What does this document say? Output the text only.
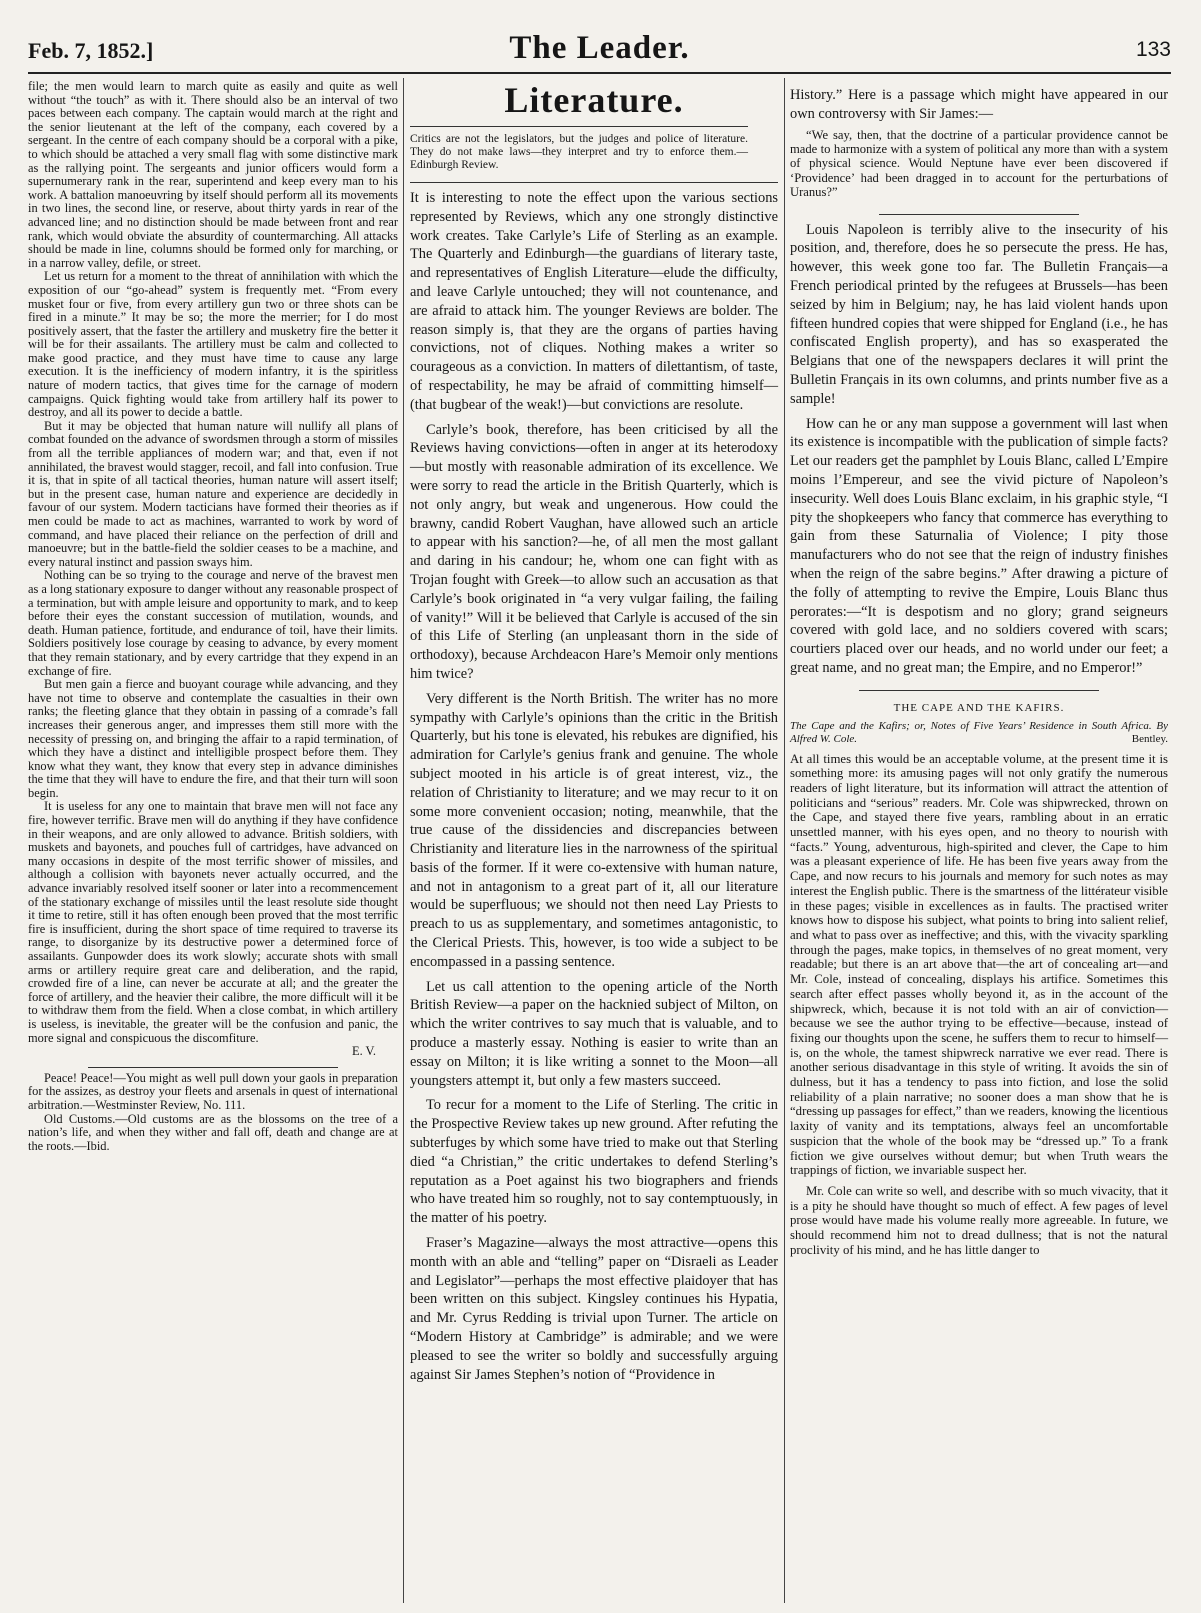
Feb. 7, 1852.]	The Leader.	133

file; the men would learn to march quite as easily and quite as well without “the touch” as with it. There should also be an interval of two paces between each company. The captain would march at the right and the senior lieutenant at the left of the company, each covered by a sergeant. In the centre of each company should be a corporal with a pike, to which should be attached a very small flag with some distinctive mark as the rallying point. The sergeants and junior officers would form a supernumerary rank in the rear, superintend and keep every man to his work. A battalion manoeuvring by itself should perform all its movements in two lines, the second line, or reserve, about thirty yards in rear of the advanced line; and no distinction should be made between front and rear rank, which would obviate the absurdity of countermarching. All attacks should be made in line, columns should be formed only for marching, or in a narrow valley, defile, or street.

Let us return for a moment to the threat of annihilation with which the exposition of our “go-ahead” system is frequently met. “From every musket four or five, from every artillery gun two or three shots can be fired in a minute.” It may be so; the more the merrier; for I do most positively assert, that the faster the artillery and musketry fire the better it will be for their assailants. The artillery must be calm and collected to make good practice, and they must have time to cause any large execution. It is the inefficiency of modern infantry, it is the spiritless nature of modern tactics, that gives time for the carnage of modern campaigns. Quick fighting would take from artillery half its power to destroy, and all its power to decide a battle.

But it may be objected that human nature will nullify all plans of combat founded on the advance of swordsmen through a storm of missiles from all the terrible appliances of modern war; and that, even if not annihilated, the bravest would stagger, recoil, and fall into confusion. True it is, that in spite of all tactical theories, human nature will assert itself; but in the present case, human nature and experience are decidedly in favour of our system. Modern tacticians have formed their theories as if men could be made to act as machines, warranted to work by word of command, and have placed their reliance on the perfection of drill and manoeuvre; but in the battle-field the soldier ceases to be a machine, and every natural instinct and passion sways him.

Nothing can be so trying to the courage and nerve of the bravest men as a long stationary exposure to danger without any reasonable prospect of a termination, but with ample leisure and opportunity to mark, and to keep before their eyes the constant succession of mutilation, wounds, and death. Human patience, fortitude, and endurance of toil, have their limits. Soldiers positively lose courage by ceasing to advance, by every moment that they remain stationary, and by every cartridge that they expend in an exchange of fire.

But men gain a fierce and buoyant courage while advancing, and they have not time to observe and contemplate the casualties in their own ranks; the fleeting glance that they obtain in passing of a comrade’s fall increases their generous anger, and impresses them still more with the necessity of pressing on, and bringing the affair to a rapid termination, of which they have a distinct and intelligible prospect before them. They know what they want, they know that every step in advance diminishes the time that they will have to endure the fire, and that their turn will soon begin.

It is useless for any one to maintain that brave men will not face any fire, however terrific. Brave men will do anything if they have confidence in their weapons, and are only allowed to advance. British soldiers, with muskets and bayonets, and pouches full of cartridges, have advanced on many occasions in despite of the most terrific shower of missiles, and although a collision with bayonets never actually occurred, and the advance invariably resolved itself sooner or later into a recommencement of the stationary exchange of missiles until the least resolute side thought it time to retire, still it has often enough been proved that the most terrific fire is insufficient, during the short space of time required to traverse its range, to disorganize by its destructive power a determined force of assailants. Gunpowder does its work slowly; accurate shots with small arms or artillery require great care and deliberation, and the rapid, crowded fire of a line, can never be accurate at all; and the greater the force of artillery, and the heavier their calibre, the more difficult will it be to withdraw them from the field. When a close combat, in which artillery is useless, is inevitable, the greater will be the confusion and panic, the more signal and conspicuous the discomfiture.

E. V.

Peace! Peace!—You might as well pull down your gaols in preparation for the assizes, as destroy your fleets and arsenals in quest of international arbitration.—Westminster Review, No. 111.

Old Customs.—Old customs are as the blossoms on the tree of a nation’s life, and when they wither and fall off, death and change are at the roots.—Ibid.

Literature.
Critics are not the legislators, but the judges and police of literature. They do not make laws—they interpret and try to enforce them.—Edinburgh Review.

It is interesting to note the effect upon the various sections represented by Reviews, which any one strongly distinctive work creates. Take Carlyle’s Life of Sterling as an example. The Quarterly and Edinburgh—the guardians of literary taste, and representatives of English Literature—elude the difficulty, and leave Carlyle untouched; they will not countenance, and are afraid to attack him. The younger Reviews are bolder. The reason simply is, that they are the organs of parties having convictions, not of cliques. Nothing makes a writer so courageous as a conviction. In matters of dilettantism, of taste, of respectability, he may be afraid of committing himself—(that bugbear of the weak!)—but convictions are resolute.

Carlyle’s book, therefore, has been criticised by all the Reviews having convictions—often in anger at its heterodoxy—but mostly with reasonable admiration of its excellence. We were sorry to read the article in the British Quarterly, which is not only angry, but weak and ungenerous. How could the brawny, candid Robert Vaughan, have allowed such an article to appear with his sanction?—he, of all men the most gallant and daring in his candour; he, whom one can fight with as Trojan fought with Greek—to allow such an accusation as that Carlyle’s book originated in “a very vulgar failing, the failing of vanity!” Will it be believed that Carlyle is accused of the sin of this Life of Sterling (an unpleasant thorn in the side of orthodoxy), because Archdeacon Hare’s Memoir only mentions him twice?

Very different is the North British. The writer has no more sympathy with Carlyle’s opinions than the critic in the British Quarterly, but his tone is elevated, his rebukes are dignified, his admiration for Carlyle’s genius frank and genuine. The whole subject mooted in his article is of great interest, viz., the relation of Christianity to literature; and we may recur to it on some more convenient occasion; noting, meanwhile, that the true cause of the dissidencies and discrepancies between Christianity and literature lies in the narrowness of the spiritual basis of the former. If it were co-extensive with human nature, and not in antagonism to a great part of it, all our literature would be superfluous; we should not then need Lay Priests to preach to us as supplementary, and sometimes antagonistic, to the Clerical Priests. This, however, is too wide a subject to be encompassed in a passing sentence.

Let us call attention to the opening article of the North British Review—a paper on the hacknied subject of Milton, on which the writer contrives to say much that is valuable, and to produce a masterly essay. Nothing is easier to write than an essay on Milton; it is like writing a sonnet to the Moon—all youngsters attempt it, but only a few masters succeed.

To recur for a moment to the Life of Sterling. The critic in the Prospective Review takes up new ground. After refuting the subterfuges by which some have tried to make out that Sterling died “a Christian,” the critic undertakes to defend Sterling’s reputation as a Poet against his two biographers and friends who have treated him so roughly, not to say contemptuously, in the matter of his poetry.

Fraser’s Magazine—always the most attractive—opens this month with an able and “telling” paper on “Disraeli as Leader and Legislator”—perhaps the most effective plaidoyer that has been written on this subject. Kingsley continues his Hypatia, and Mr. Cyrus Redding is trivial upon Turner. The article on “Modern History at Cambridge” is admirable; and we were pleased to see the writer so boldly and successfully arguing against Sir James Stephen’s notion of “Providence in

History.” Here is a passage which might have appeared in our own controversy with Sir James:—

“We say, then, that the doctrine of a particular providence cannot be made to harmonize with a system of political any more than with a system of physical science. Would Neptune have ever been discovered if ‘Providence’ had been dragged in to account for the perturbations of Uranus?”

Louis Napoleon is terribly alive to the insecurity of his position, and, therefore, does he so persecute the press. He has, however, this week gone too far. The Bulletin Français—a French periodical printed by the refugees at Brussels—has been seized by him in Belgium; nay, he has laid violent hands upon fifteen hundred copies that were shipped for England (i.e., he has confiscated English property), and has so exasperated the Belgians that one of the newspapers declares it will print the Bulletin Français in its own columns, and prints number five as a sample!

How can he or any man suppose a government will last when its existence is incompatible with the publication of simple facts? Let our readers get the pamphlet by Louis Blanc, called L’Empire moins l’Empereur, and see the vivid picture of Napoleon’s insecurity. Well does Louis Blanc exclaim, in his graphic style, “I pity the shopkeepers who fancy that commerce has everything to gain from these Saturnalia of Violence; I pity those manufacturers who do not see that the reign of industry finishes when the reign of the sabre begins.” After drawing a picture of the folly of attempting to revive the Empire, Louis Blanc thus perorates:—“It is despotism and no glory; grand seigneurs covered with gold lace, and no soldiers covered with scars; courtiers placed over our heads, and no world under our feet; a great name, and no great man; the Empire, and no Emperor!”

THE CAPE AND THE KAFIRS.
The Cape and the Kafirs; or, Notes of Five Years’ Residence in South Africa. By Alfred W. Cole.	Bentley.

At all times this would be an acceptable volume, at the present time it is something more: its amusing pages will not only gratify the numerous readers of light literature, but its information will attract the attention of politicians and “serious” readers. Mr. Cole was shipwrecked, thrown on the Cape, and stayed there five years, rambling about in an erratic unsettled manner, with his eyes open, and no theory to nourish with “facts.” Young, adventurous, high-spirited and clever, the Cape to him was a pleasant experience of life. He has been five years away from the Cape, and now recurs to his journals and memory for such notes as may interest the English public. There is the smartness of the littérateur visible in these pages; visible in excellences as in faults. The practised writer knows how to dispose his subject, what points to bring into salient relief, and what to pass over as ineffective; and this, with the vivacity sparkling through the pages, make topics, in themselves of no great moment, very readable; but there is an art above that—the art of concealing art—and Mr. Cole, instead of concealing, displays his artifice. Sometimes this search after effect passes wholly beyond it, as in the account of the shipwreck, which, because it is not told with an air of conviction—because we see the author trying to be effective—because, instead of fixing our thoughts upon the scene, he suffers them to recur to himself—is, on the whole, the tamest shipwreck narrative we ever read. There is another serious disadvantage in this style of writing. It avoids the sin of dulness, but it has a tendency to pass into fiction, and lose the solid reliability of a plain narrative; no sooner does a man show that he is “dressing up passages for effect,” than we readers, knowing the licentious laxity of vanity and its temptations, always feel an uncomfortable suspicion that the whole of the book may be “dressed up.” To a frank fiction we give ourselves without demur; but when Truth wears the trappings of fiction, we invariable suspect her.

Mr. Cole can write so well, and describe with so much vivacity, that it is a pity he should have thought so much of effect. A few pages of level prose would have made his volume really more agreeable. In future, we should recommend him not to dread dullness; that is not the natural proclivity of his mind, and he has little danger to
